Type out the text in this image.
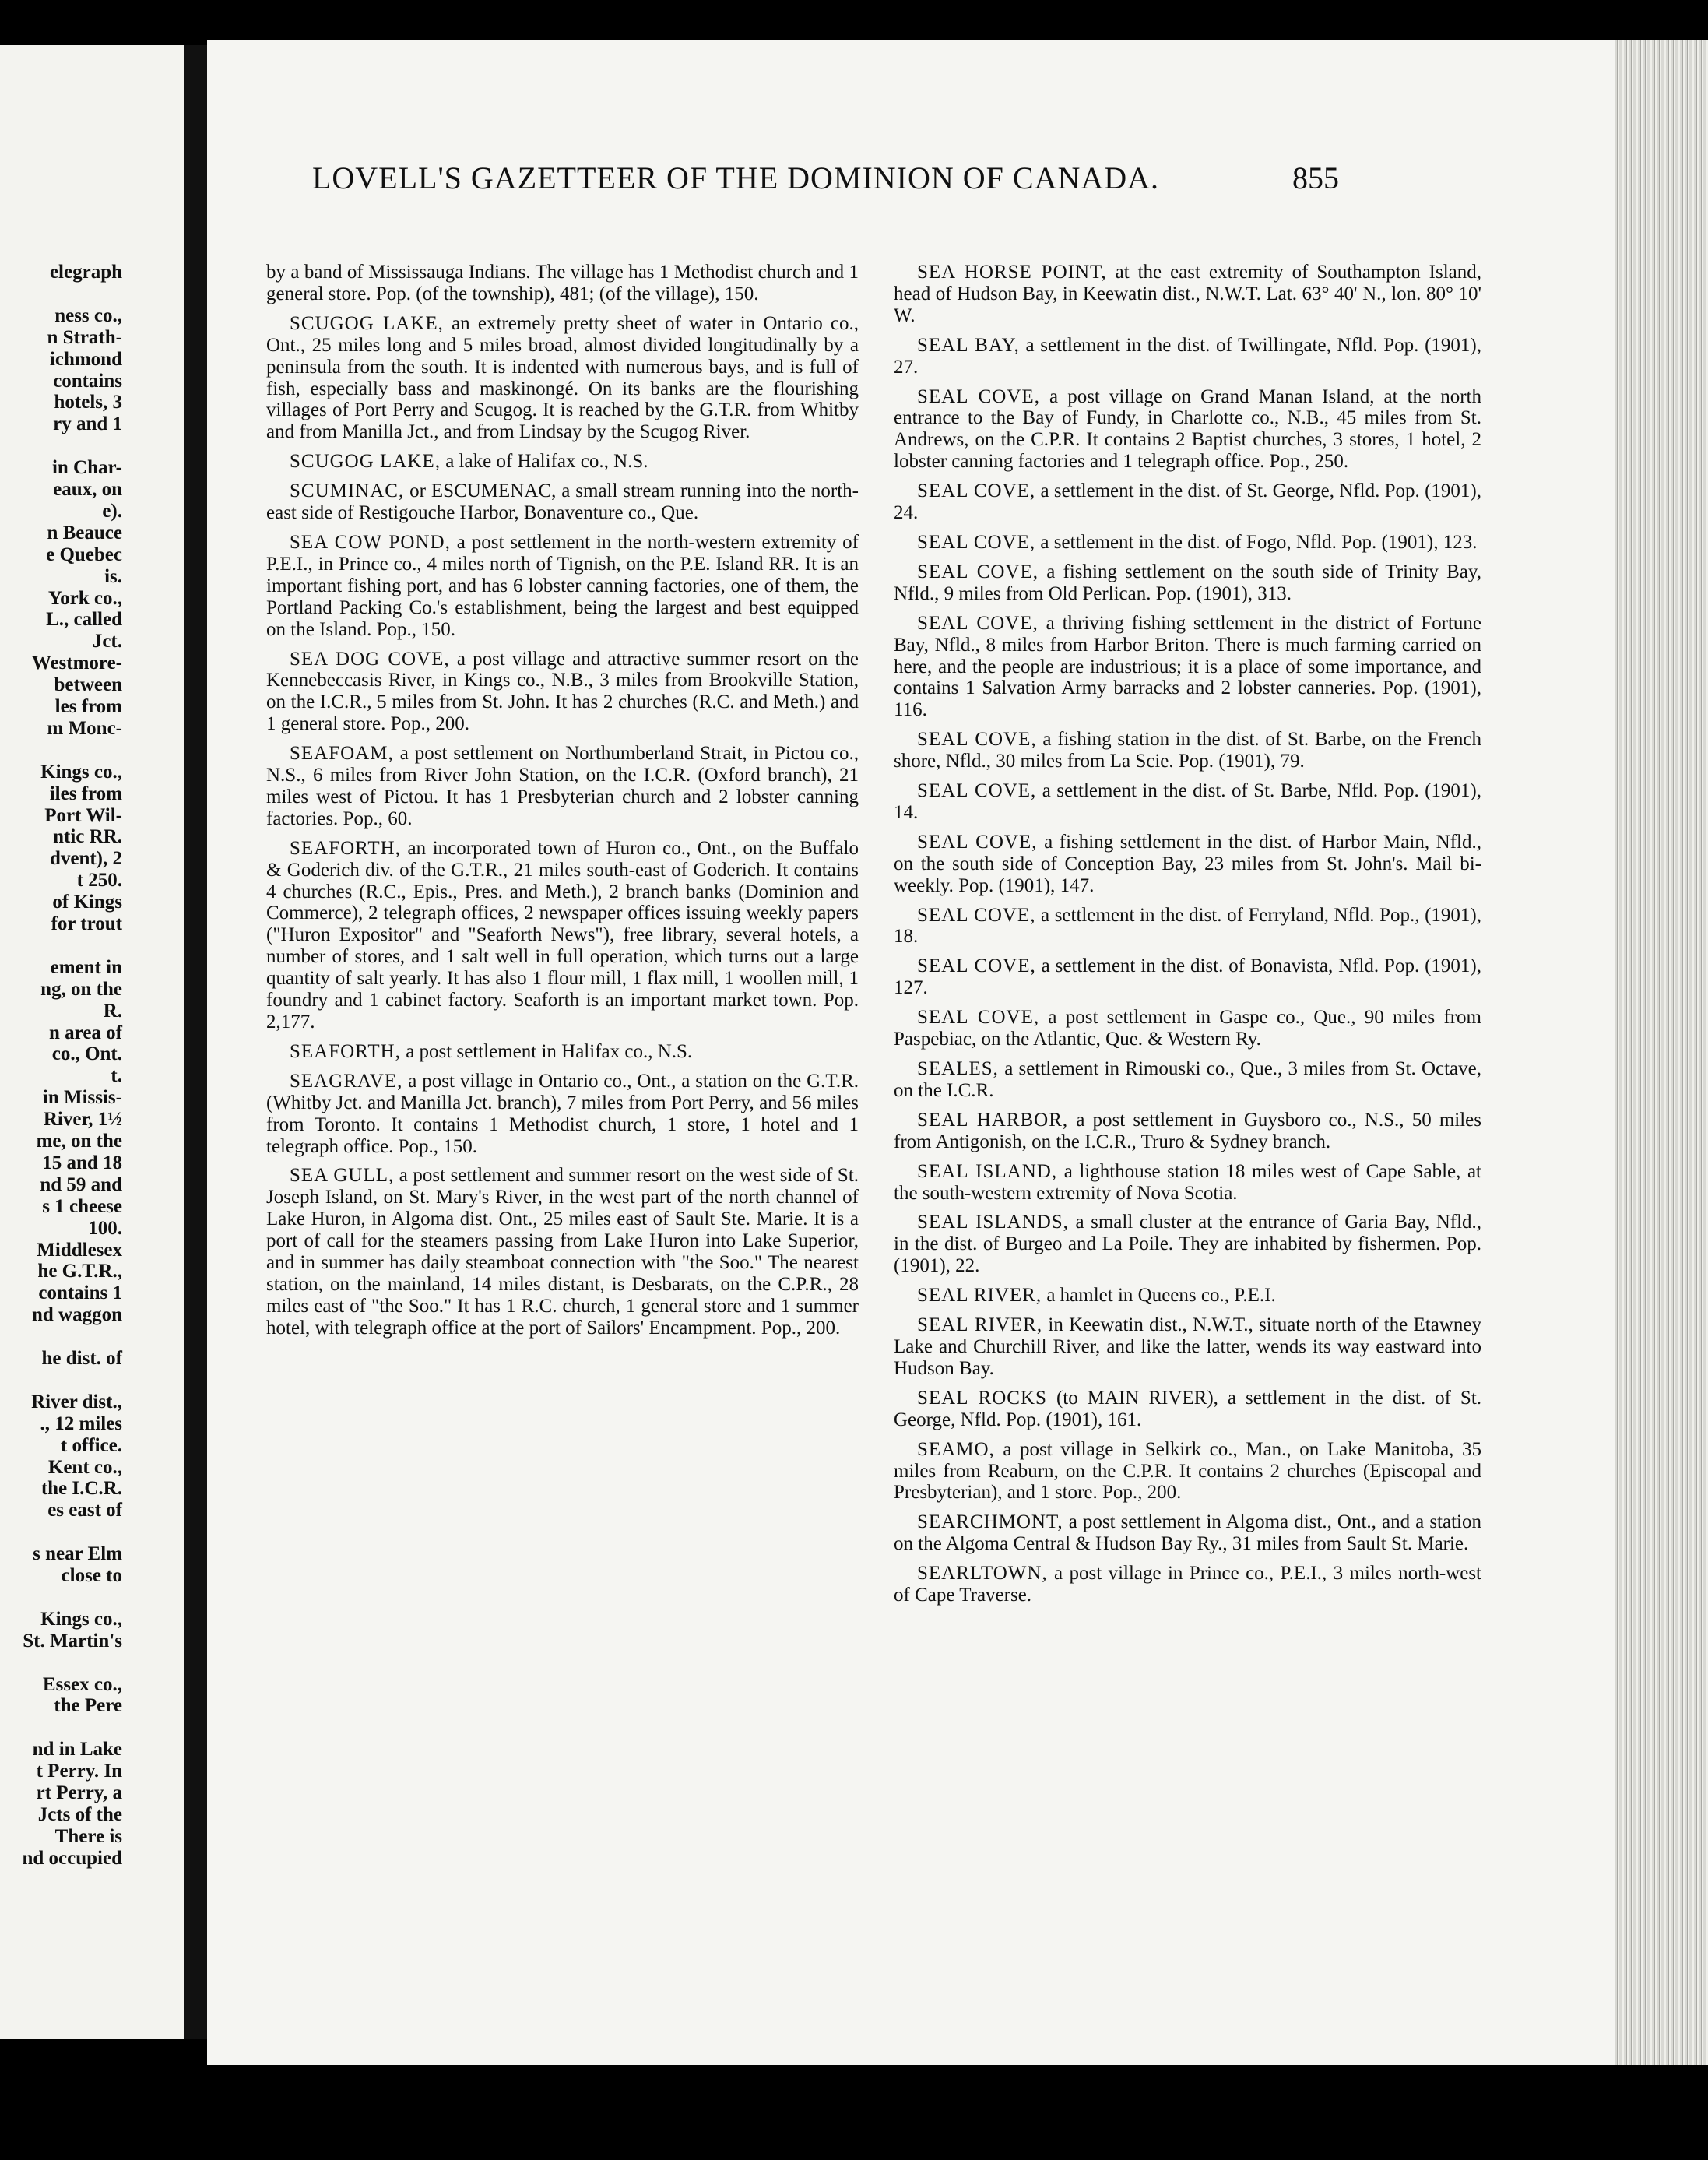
elegraph
ness co.,
n Strath-
ichmond
contains
hotels, 3
ry and 1
in Char-
eaux, on
e).
n Beauce
e Quebec
is.
York co.,
L., called
Jct.
Westmore-
between
les from
m Monc-
Kings co.,
iles from
Port Wil-
ntic RR.
dvent), 2
t 250.
of Kings
for trout
ement in
ng, on the
R.
n area of
co., Ont.
t.
in Missis-
River, 1½
me, on the
15 and 18
nd 59 and
s 1 cheese
100.
Middlesex
he G.T.R.,
contains 1
nd waggon
he dist. of
River dist.,
., 12 miles
t office.
Kent co.,
the I.C.R.
es east of
s near Elm
close to
Kings co.,
St. Martin's
Essex co.,
the Pere
nd in Lake
t Perry. In
rt Perry, a
Jcts of the
There is
nd occupied
LOVELL'S GAZETTEER OF THE DOMINION OF CANADA.	855

by a band of Mississauga Indians. The village has 1 Methodist church and 1 general store. Pop. (of the township), 481; (of the village), 150.

SCUGOG LAKE, an extremely pretty sheet of water in Ontario co., Ont., 25 miles long and 5 miles broad, almost divided longitudinally by a peninsula from the south. It is indented with numerous bays, and is full of fish, especially bass and maskinongé. On its banks are the flourishing villages of Port Perry and Scugog. It is reached by the G.T.R. from Whitby and from Manilla Jct., and from Lindsay by the Scugog River.

SCUGOG LAKE, a lake of Halifax co., N.S.

SCUMINAC, or ESCUMENAC, a small stream running into the north-east side of Restigouche Harbor, Bonaventure co., Que.

SEA COW POND, a post settlement in the north-western extremity of P.E.I., in Prince co., 4 miles north of Tignish, on the P.E. Island RR. It is an important fishing port, and has 6 lobster canning factories, one of them, the Portland Packing Co.'s establishment, being the largest and best equipped on the Island. Pop., 150.

SEA DOG COVE, a post village and attractive summer resort on the Kennebeccasis River, in Kings co., N.B., 3 miles from Brookville Station, on the I.C.R., 5 miles from St. John. It has 2 churches (R.C. and Meth.) and 1 general store. Pop., 200.

SEAFOAM, a post settlement on Northumberland Strait, in Pictou co., N.S., 6 miles from River John Station, on the I.C.R. (Oxford branch), 21 miles west of Pictou. It has 1 Presbyterian church and 2 lobster canning factories. Pop., 60.

SEAFORTH, an incorporated town of Huron co., Ont., on the Buffalo & Goderich div. of the G.T.R., 21 miles south-east of Goderich. It contains 4 churches (R.C., Epis., Pres. and Meth.), 2 branch banks (Dominion and Commerce), 2 telegraph offices, 2 newspaper offices issuing weekly papers ("Huron Expositor" and "Seaforth News"), free library, several hotels, a number of stores, and 1 salt well in full operation, which turns out a large quantity of salt yearly. It has also 1 flour mill, 1 flax mill, 1 woollen mill, 1 foundry and 1 cabinet factory. Seaforth is an important market town. Pop. 2,177.

SEAFORTH, a post settlement in Halifax co., N.S.

SEAGRAVE, a post village in Ontario co., Ont., a station on the G.T.R. (Whitby Jct. and Manilla Jct. branch), 7 miles from Port Perry, and 56 miles from Toronto. It contains 1 Methodist church, 1 store, 1 hotel and 1 telegraph office. Pop., 150.

SEA GULL, a post settlement and summer resort on the west side of St. Joseph Island, on St. Mary's River, in the west part of the north channel of Lake Huron, in Algoma dist. Ont., 25 miles east of Sault Ste. Marie. It is a port of call for the steamers passing from Lake Huron into Lake Superior, and in summer has daily steamboat connection with "the Soo." The nearest station, on the mainland, 14 miles distant, is Desbarats, on the C.P.R., 28 miles east of "the Soo." It has 1 R.C. church, 1 general store and 1 summer hotel, with telegraph office at the port of Sailors' Encampment. Pop., 200.

SEA HORSE POINT, at the east extremity of Southampton Island, head of Hudson Bay, in Keewatin dist., N.W.T. Lat. 63° 40' N., lon. 80° 10' W.

SEAL BAY, a settlement in the dist. of Twillingate, Nfld. Pop. (1901), 27.

SEAL COVE, a post village on Grand Manan Island, at the north entrance to the Bay of Fundy, in Charlotte co., N.B., 45 miles from St. Andrews, on the C.P.R. It contains 2 Baptist churches, 3 stores, 1 hotel, 2 lobster canning factories and 1 telegraph office. Pop., 250.

SEAL COVE, a settlement in the dist. of St. George, Nfld. Pop. (1901), 24.

SEAL COVE, a settlement in the dist. of Fogo, Nfld. Pop. (1901), 123.

SEAL COVE, a fishing settlement on the south side of Trinity Bay, Nfld., 9 miles from Old Perlican. Pop. (1901), 313.

SEAL COVE, a thriving fishing settlement in the district of Fortune Bay, Nfld., 8 miles from Harbor Briton. There is much farming carried on here, and the people are industrious; it is a place of some importance, and contains 1 Salvation Army barracks and 2 lobster canneries. Pop. (1901), 116.

SEAL COVE, a fishing station in the dist. of St. Barbe, on the French shore, Nfld., 30 miles from La Scie. Pop. (1901), 79.

SEAL COVE, a settlement in the dist. of St. Barbe, Nfld. Pop. (1901), 14.

SEAL COVE, a fishing settlement in the dist. of Harbor Main, Nfld., on the south side of Conception Bay, 23 miles from St. John's. Mail bi-weekly. Pop. (1901), 147.

SEAL COVE, a settlement in the dist. of Ferryland, Nfld. Pop., (1901), 18.

SEAL COVE, a settlement in the dist. of Bonavista, Nfld. Pop. (1901), 127.

SEAL COVE, a post settlement in Gaspe co., Que., 90 miles from Paspebiac, on the Atlantic, Que. & Western Ry.

SEALES, a settlement in Rimouski co., Que., 3 miles from St. Octave, on the I.C.R.

SEAL HARBOR, a post settlement in Guysboro co., N.S., 50 miles from Antigonish, on the I.C.R., Truro & Sydney branch.

SEAL ISLAND, a lighthouse station 18 miles west of Cape Sable, at the south-western extremity of Nova Scotia.

SEAL ISLANDS, a small cluster at the entrance of Garia Bay, Nfld., in the dist. of Burgeo and La Poile. They are inhabited by fishermen. Pop. (1901), 22.

SEAL RIVER, a hamlet in Queens co., P.E.I.

SEAL RIVER, in Keewatin dist., N.W.T., situate north of the Etawney Lake and Churchill River, and like the latter, wends its way eastward into Hudson Bay.

SEAL ROCKS (to MAIN RIVER), a settlement in the dist. of St. George, Nfld. Pop. (1901), 161.

SEAMO, a post village in Selkirk co., Man., on Lake Manitoba, 35 miles from Reaburn, on the C.P.R. It contains 2 churches (Episcopal and Presbyterian), and 1 store. Pop., 200.

SEARCHMONT, a post settlement in Algoma dist., Ont., and a station on the Algoma Central & Hudson Bay Ry., 31 miles from Sault St. Marie.

SEARLTOWN, a post village in Prince co., P.E.I., 3 miles north-west of Cape Traverse.
